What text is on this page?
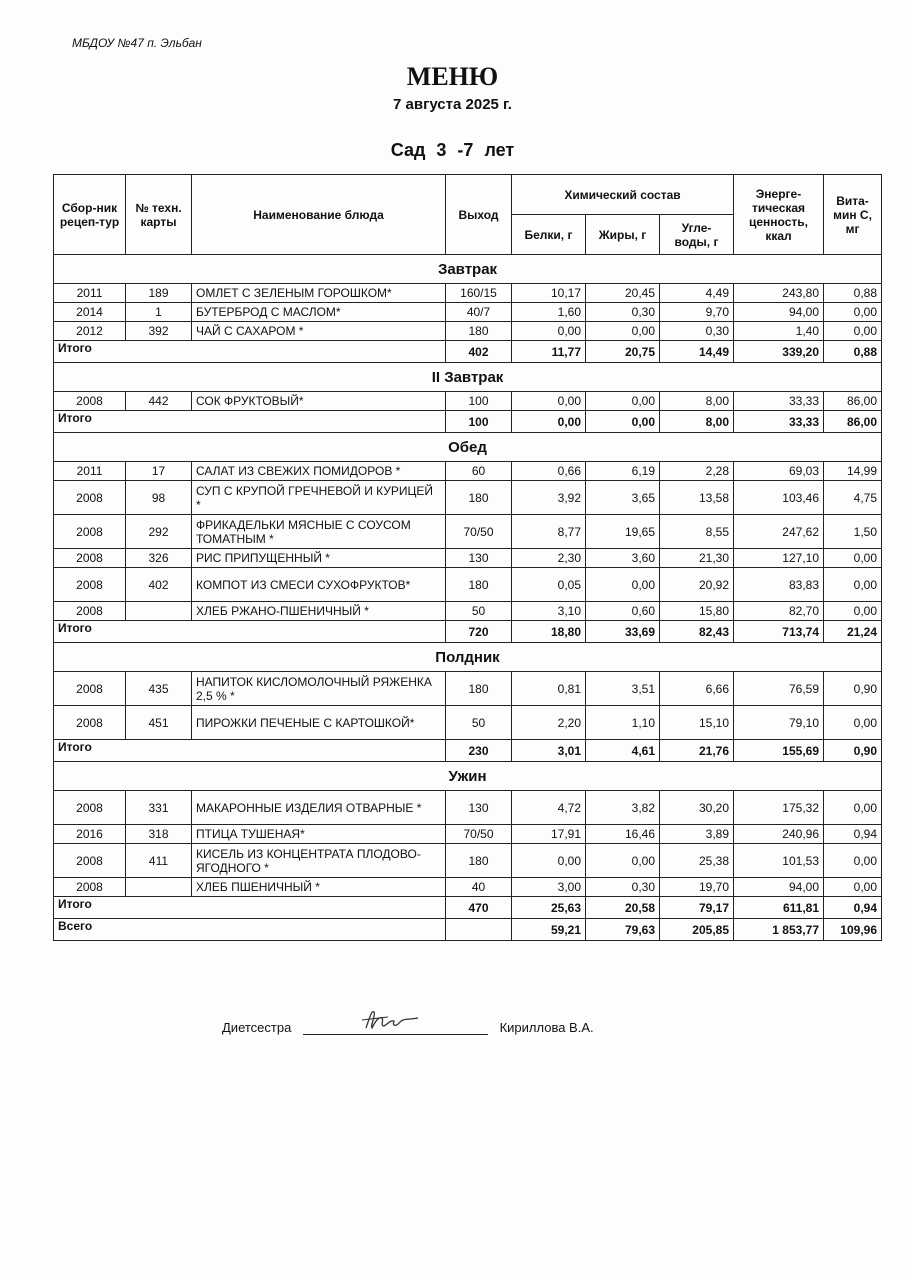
МБДОУ №47 п. Эльбан
МЕНЮ
7 августа 2025 г.
Сад 3 -7 лет
Сбор-ник рецеп-тур	№ техн. карты	Наименование блюда	Выход	Химический состав			Энерге-тическая ценность, ккал	Вита-мин С, мг
				Белки, г	Жиры, г	Угле-воды, г		
Завтрак								
2011	189	ОМЛЕТ С ЗЕЛЕНЫМ ГОРОШКОМ*	160/15	10,17	20,45	4,49	243,80	0,88
2014	1	БУТЕРБРОД С МАСЛОМ*	40/7	1,60	0,30	9,70	94,00	0,00
2012	392	ЧАЙ С САХАРОМ *	180	0,00	0,00	0,30	1,40	0,00
Итого			402	11,77	20,75	14,49	339,20	0,88
II Завтрак								
2008	442	СОК ФРУКТОВЫЙ*	100	0,00	0,00	8,00	33,33	86,00
Итого			100	0,00	0,00	8,00	33,33	86,00
Обед								
2011	17	САЛАТ ИЗ СВЕЖИХ ПОМИДОРОВ *	60	0,66	6,19	2,28	69,03	14,99
2008	98	СУП С КРУПОЙ ГРЕЧНЕВОЙ И КУРИЦЕЙ *	180	3,92	3,65	13,58	103,46	4,75
2008	292	ФРИКАДЕЛЬКИ МЯСНЫЕ С СОУСОМ ТОМАТНЫМ *	70/50	8,77	19,65	8,55	247,62	1,50
2008	326	РИС ПРИПУЩЕННЫЙ *	130	2,30	3,60	21,30	127,10	0,00
2008	402	КОМПОТ ИЗ СМЕСИ СУХОФРУКТОВ*	180	0,05	0,00	20,92	83,83	0,00
2008		ХЛЕБ РЖАНО-ПШЕНИЧНЫЙ *	50	3,10	0,60	15,80	82,70	0,00
Итого			720	18,80	33,69	82,43	713,74	21,24
Полдник								
2008	435	НАПИТОК КИСЛОМОЛОЧНЫЙ РЯЖЕНКА 2,5 % *	180	0,81	3,51	6,66	76,59	0,90
2008	451	ПИРОЖКИ ПЕЧЕНЫЕ С КАРТОШКОЙ*	50	2,20	1,10	15,10	79,10	0,00
Итого			230	3,01	4,61	21,76	155,69	0,90
Ужин								
2008	331	МАКАРОННЫЕ ИЗДЕЛИЯ ОТВАРНЫЕ *	130	4,72	3,82	30,20	175,32	0,00
2016	318	ПТИЦА ТУШЕНАЯ*	70/50	17,91	16,46	3,89	240,96	0,94
2008	411	КИСЕЛЬ ИЗ КОНЦЕНТРАТА ПЛОДОВО-ЯГОДНОГО *	180	0,00	0,00	25,38	101,53	0,00
2008		ХЛЕБ ПШЕНИЧНЫЙ *	40	3,00	0,30	19,70	94,00	0,00
Итого			470	25,63	20,58	79,17	611,81	0,94
Всего				59,21	79,63	205,85	1 853,77	109,96
Диетсестра	Кириллова В.А.
